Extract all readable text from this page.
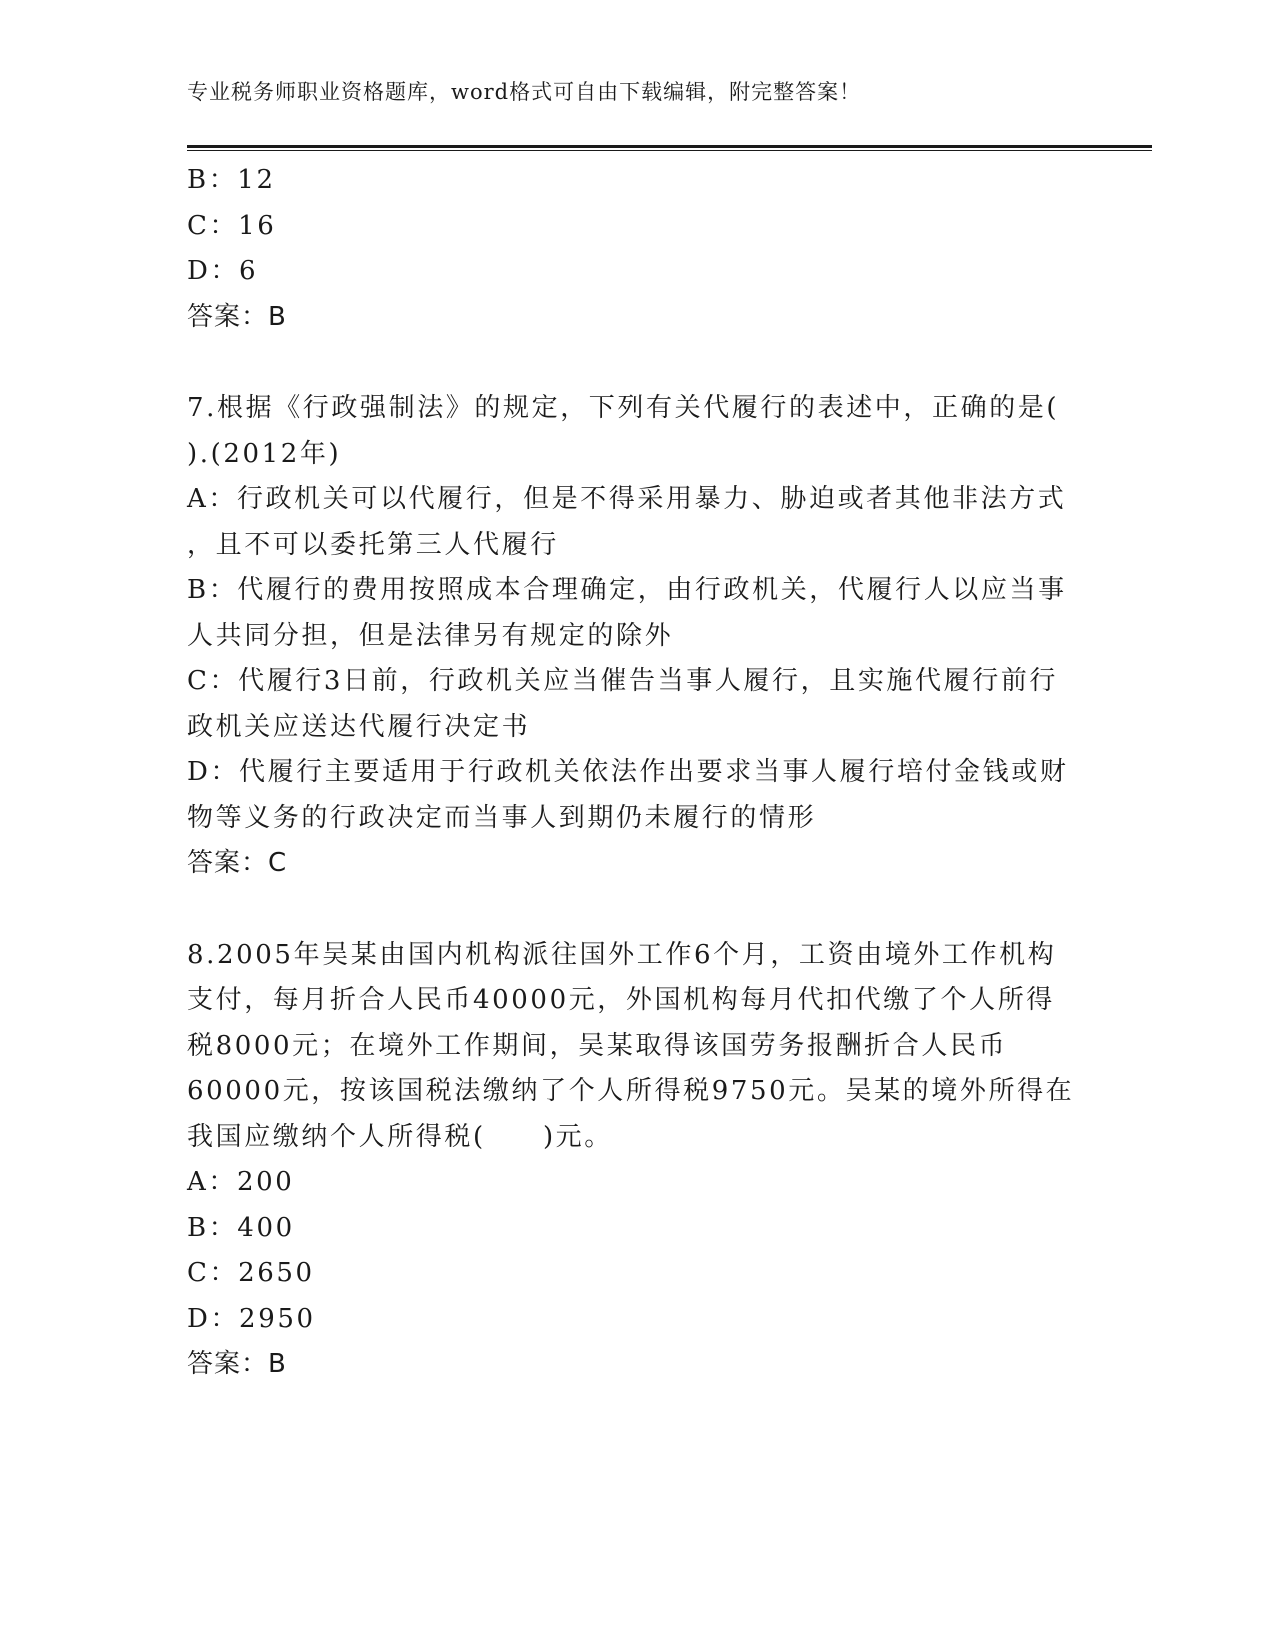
专业税务师职业资格题库，word格式可自由下载编辑，附完整答案！
B：12
C：16
D：6
答案：B
7.根据《行政强制法》的规定，下列有关代履行的表述中，正确的是(
).(2012年)
A：行政机关可以代履行，但是不得采用暴力、胁迫或者其他非法方式
，且不可以委托第三人代履行
B：代履行的费用按照成本合理确定，由行政机关，代履行人以应当事
人共同分担，但是法律另有规定的除外
C：代履行3日前，行政机关应当催告当事人履行，且实施代履行前行
政机关应送达代履行决定书
D：代履行主要适用于行政机关依法作出要求当事人履行培付金钱或财
物等义务的行政决定而当事人到期仍未履行的情形
答案：C
8.2005年吴某由国内机构派往国外工作6个月，工资由境外工作机构
支付，每月折合人民币40000元，外国机构每月代扣代缴了个人所得
税8000元；在境外工作期间，吴某取得该国劳务报酬折合人民币
60000元，按该国税法缴纳了个人所得税9750元。吴某的境外所得在
我国应缴纳个人所得税(　　)元。
A：200
B：400
C：2650
D：2950
答案：B
